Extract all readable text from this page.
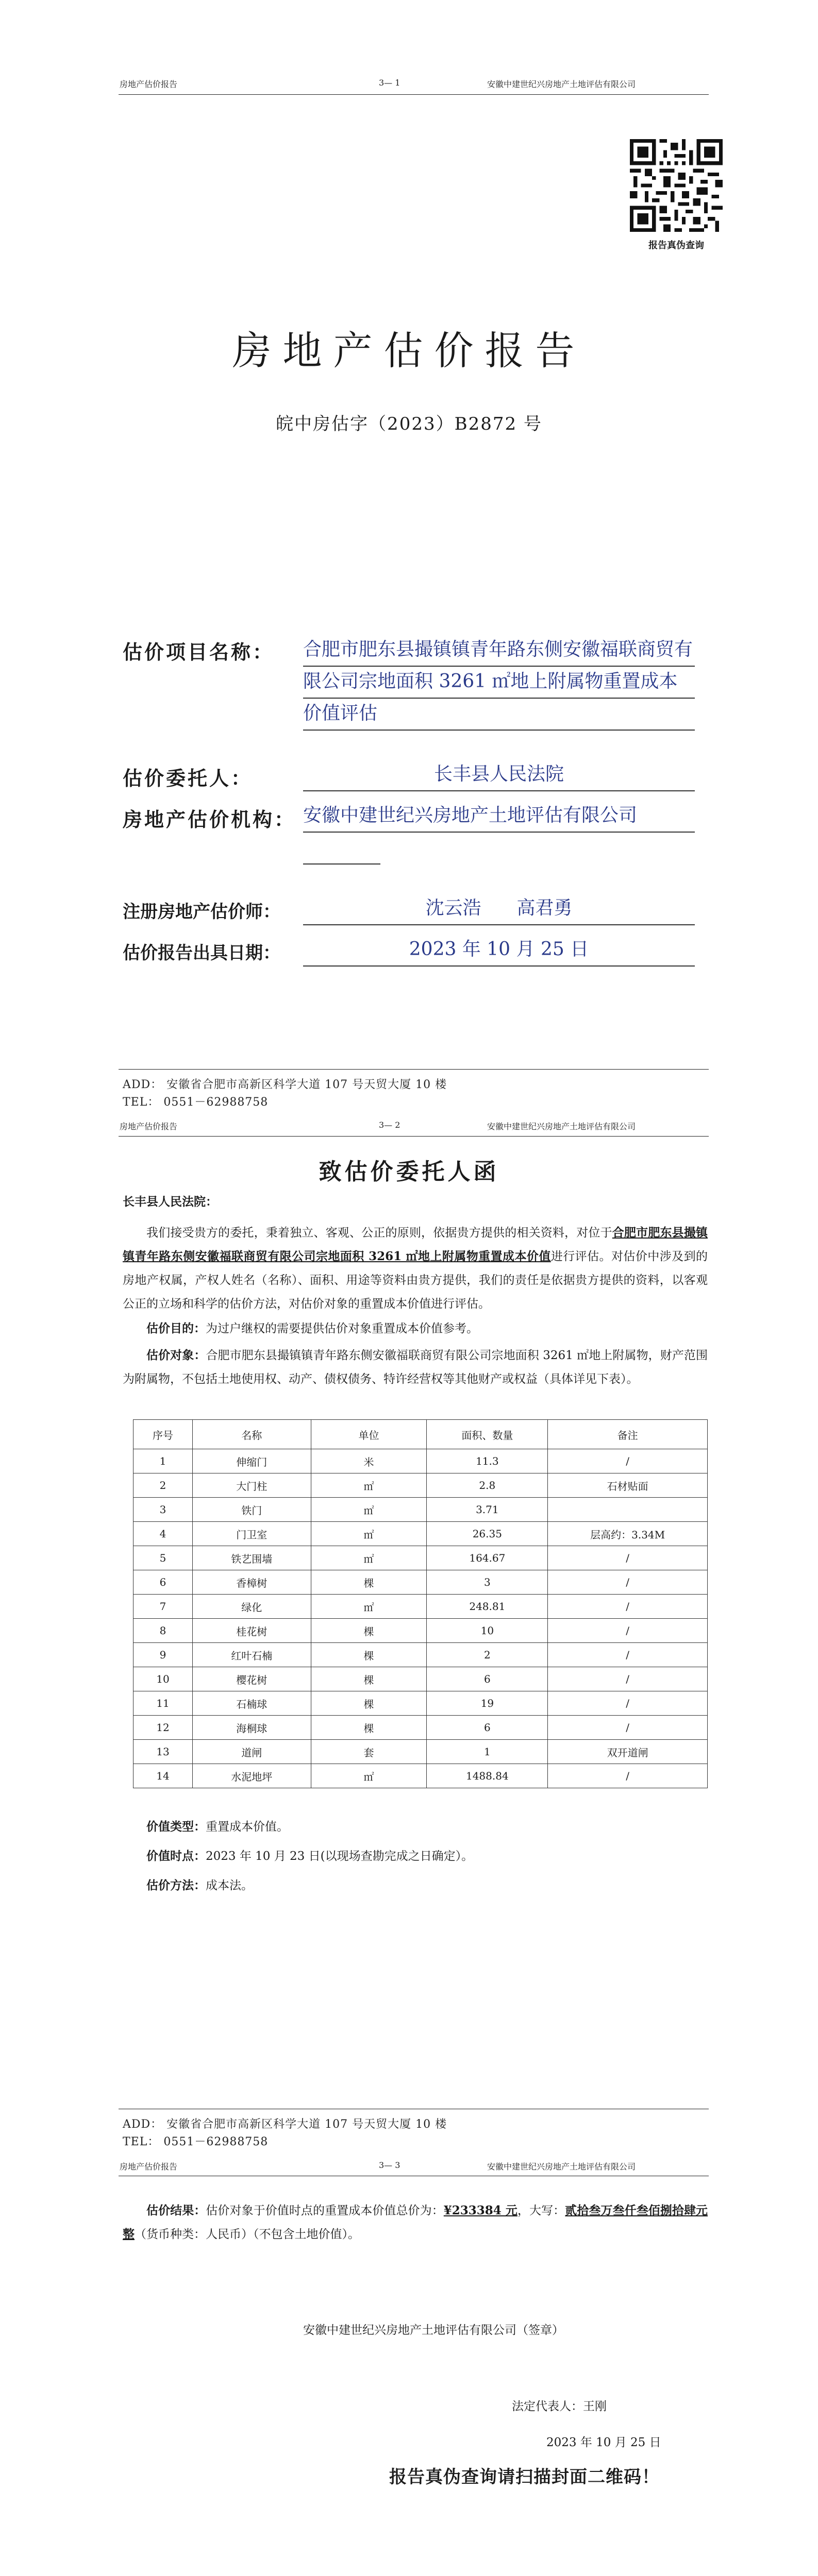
房地产估价报告	3— 1	安徽中建世纪兴房地产土地评估有限公司
报告真伪查询
房地产估价报告
皖中房估字（2023）B2872 号
估价项目名称： 合肥市肥东县撮镇镇青年路东侧安徽福联商贸有限公司宗地面积 3261 ㎡地上附属物重置成本价值评估
估价委托人：	长丰县人民法院
房地产估价机构： 安徽中建世纪兴房地产土地评估有限公司
注册房地产估价师：	沈云浩      高君勇
估价报告出具日期：	2023 年 10 月 25 日
ADD： 安徽省合肥市高新区科学大道 107 号天贸大厦 10 楼
TEL： 0551－62988758
房地产估价报告	3— 2	安徽中建世纪兴房地产土地评估有限公司
致估价委托人函
长丰县人民法院：
我们接受贵方的委托，秉着独立、客观、公正的原则，依据贵方提供的相关资料，对位于合肥市肥东县撮镇镇青年路东侧安徽福联商贸有限公司宗地面积 3261 ㎡地上附属物重置成本价值进行评估。对估价中涉及到的房地产权属，产权人姓名（名称）、面积、用途等资料由贵方提供，我们的责任是依据贵方提供的资料，以客观公正的立场和科学的估价方法，对估价对象的重置成本价值进行评估。
估价目的：为过户继权的需要提供估价对象重置成本价值参考。
估价对象：合肥市肥东县撮镇镇青年路东侧安徽福联商贸有限公司宗地面积 3261 ㎡地上附属物，财产范围为附属物，不包括土地使用权、动产、债权债务、特许经营权等其他财产或权益（具体详见下表）。
序号	名称	单位	面积、数量	备注
1	伸缩门	米	11.3	/
2	大门柱	㎡	2.8	石材贴面
3	铁门	㎡	3.71	
4	门卫室	㎡	26.35	层高约：3.34M
5	铁艺围墙	㎡	164.67	/
6	香樟树	棵	3	/
7	绿化	㎡	248.81	/
8	桂花树	棵	10	/
9	红叶石楠	棵	2	/
10	樱花树	棵	6	/
11	石楠球	棵	19	/
12	海桐球	棵	6	/
13	道闸	套	1	双开道闸
14	水泥地坪	㎡	1488.84	/
价值类型：重置成本价值。
价值时点：2023 年 10 月 23 日(以现场查勘完成之日确定）。
估价方法：成本法。
ADD： 安徽省合肥市高新区科学大道 107 号天贸大厦 10 楼
TEL： 0551－62988758
房地产估价报告	3— 3	安徽中建世纪兴房地产土地评估有限公司
估价结果：估价对象于价值时点的重置成本价值总价为：¥233384 元，大写：贰拾叁万叁仟叁佰捌拾肆元整（货币种类：人民币）（不包含土地价值）。
安徽中建世纪兴房地产土地评估有限公司（签章）
法定代表人：王刚
2023 年 10 月 25 日
报告真伪查询请扫描封面二维码！
